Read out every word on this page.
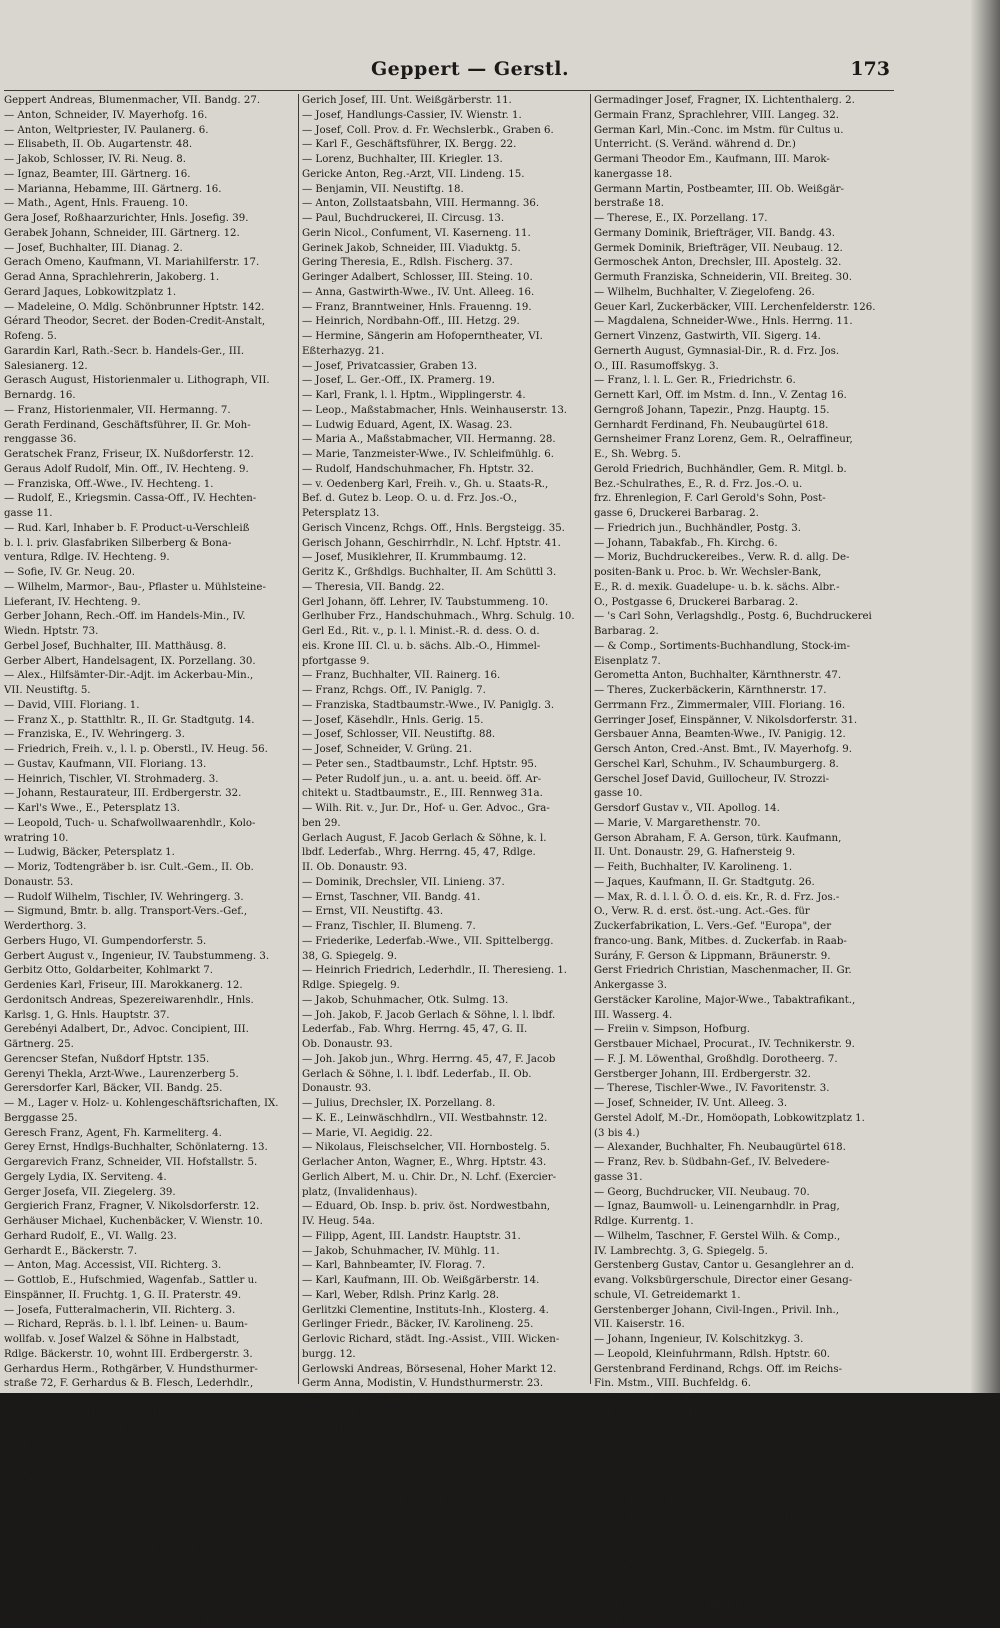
Geppert — Gerstl.	173
Geppert Andreas, Blumenmacher, VII. Bandg. 27.
— Anton, Schneider, IV. Mayerhofg. 16.
— Anton, Weltpriester, IV. Paulanerg. 6.
— Elisabeth, II. Ob. Augartenstr. 48.
— Jakob, Schlosser, IV. Ri. Neug. 8.
— Ignaz, Beamter, III. Gärtnerg. 16.
— Marianna, Hebamme, III. Gärtnerg. 16.
— Math., Agent, Hnls. Fraueng. 10.
Gera Josef, Roßhaarzurichter, Hnls. Josefig. 39.
Gerabek Johann, Schneider, III. Gärtnerg. 12.
— Josef, Buchhalter, III. Dianag. 2.
Gerach Omeno, Kaufmann, VI. Mariahilferstr. 17.
Gerad Anna, Sprachlehrerin, Jakoberg. 1.
Gerard Jaques, Lobkowitzplatz 1.
— Madeleine, O. Mdlg. Schönbrunner Hptstr. 142.
Gérard Theodor, Secret. der Boden-Credit-Anstalt,
Rofeng. 5.
Garardin Karl, Rath.-Secr. b. Handels-Ger., III.
Salesianerg. 12.
Gerasch August, Historienmaler u. Lithograph, VII.
Bernardg. 16.
— Franz, Historienmaler, VII. Hermanng. 7.
Gerath Ferdinand, Geschäftsführer, II. Gr. Moh-
renggasse 36.
Geratschek Franz, Friseur, IX. Nußdorferstr. 12.
Geraus Adolf Rudolf, Min. Off., IV. Hechteng. 9.
— Franziska, Off.-Wwe., IV. Hechteng. 1.
— Rudolf, E., Kriegsmin. Cassa-Off., IV. Hechten-
gasse 11.
— Rud. Karl, Inhaber b. F. Product-u-Verschleiß
b. l. l. priv. Glasfabriken Silberberg & Bona-
ventura, Rdlge. IV. Hechteng. 9.
— Sofie, IV. Gr. Neug. 20.
— Wilhelm, Marmor-, Bau-, Pflaster u. Mühlsteine-
Lieferant, IV. Hechteng. 9.
Gerber Johann, Rech.-Off. im Handels-Min., IV.
Wiedn. Hptstr. 73.
Gerbel Josef, Buchhalter, III. Matthäusg. 8.
Gerber Albert, Handelsagent, IX. Porzellang. 30.
— Alex., Hilfsämter-Dir.-Adjt. im Ackerbau-Min.,
VII. Neustiftg. 5.
— David, VIII. Floriang. 1.
— Franz X., p. Statthltr. R., II. Gr. Stadtgutg. 14.
— Franziska, E., IV. Wehringerg. 3.
— Friedrich, Freih. v., l. l. p. Oberstl., IV. Heug. 56.
— Gustav, Kaufmann, VII. Floriang. 13.
— Heinrich, Tischler, VI. Strohmaderg. 3.
— Johann, Restaurateur, III. Erdbergerstr. 32.
— Karl's Wwe., E., Petersplatz 13.
— Leopold, Tuch- u. Schafwollwaarenhdlr., Kolo-
wratring 10.
— Ludwig, Bäcker, Petersplatz 1.
— Moriz, Todtengräber b. isr. Cult.-Gem., II. Ob.
Donaustr. 53.
— Rudolf Wilhelm, Tischler, IV. Wehringerg. 3.
— Sigmund, Bmtr. b. allg. Transport-Vers.-Gef.,
Werderthorg. 3.
Gerbers Hugo, VI. Gumpendorferstr. 5.
Gerbert August v., Ingenieur, IV. Taubstummeng. 3.
Gerbitz Otto, Goldarbeiter, Kohlmarkt 7.
Gerdenies Karl, Friseur, III. Marokkanerg. 12.
Gerdonitsch Andreas, Spezereiwarenhdlr., Hnls.
Karlsg. 1, G. Hnls. Hauptstr. 37.
Gerebényi Adalbert, Dr., Advoc. Concipient, III.
Gärtnerg. 25.
Gerencser Stefan, Nußdorf Hptstr. 135.
Gerenyi Thekla, Arzt-Wwe., Laurenzerberg 5.
Gerersdorfer Karl, Bäcker, VII. Bandg. 25.
— M., Lager v. Holz- u. Kohlengeschäftsrichaften, IX.
Berggasse 25.
Geresch Franz, Agent, Fh. Karmeliterg. 4.
Gerey Ernst, Hndlgs-Buchhalter, Schönlaterng. 13.
Gergarevich Franz, Schneider, VII. Hofstallstr. 5.
Gergely Lydia, IX. Serviteng. 4.
Gerger Josefa, VII. Ziegelerg. 39.
Gergierich Franz, Fragner, V. Nikolsdorferstr. 12.
Gerhäuser Michael, Kuchenbäcker, V. Wienstr. 10.
Gerhard Rudolf, E., VI. Wallg. 23.
Gerhardt E., Bäckerstr. 7.
— Anton, Mag. Accessist, VII. Richterg. 3.
— Gottlob, E., Hufschmied, Wagenfab., Sattler u.
Einspänner, II. Fruchtg. 1, G. II. Praterstr. 49.
— Josefa, Futteralmacherin, VII. Richterg. 3.
— Richard, Repräs. b. l. l. lbf. Leinen- u. Baum-
wollfab. v. Josef Walzel & Söhne in Halbstadt,
Rdlge. Bäckerstr. 10, wohnt III. Erdbergerstr. 3.
Gerhardus Herm., Rothgärber, V. Hundsthurmer-
straße 72, F. Gerhardus & B. Flesch, Lederhdlr.,
Franz-Josefs-Quai 23.
Gerhart Anton, Maler, VI. Corneliusg. 1.
— Franz, Damenschneider, Himmelpfortg. 3.
— Heinrich, Steindrucker u. Bilderhdlr., Gem. R.,
E., V. Grüng. 32, Bestellungsort Seizerg. 6.
— Henriette, Leinwäschhdlg., Wildpretmarkt 5.
— Josefine, Kleidermacherin, Graben 29.
Gerhauser Andreas, p. l. l. Oberstl. IV. Ob. Alleeg. 14.
Gerhold Franz, Milchmeier u. Holzhdlr., E., Fh. 613.
— Franz sen., Milchmeier, VI. Stiegeng. 11.
— Franz, Clavierstimmer, V. Krong. 16.
— Gottlieb, VII. Mariahilferstr. 114.
— Johann, Tischler, IV. Reisnerg. 17.
— Karl, Schuhmacher, III. Neulingg. 3.
Gerhold Franz, Agent, Fh. Karmeliterg. 4.
— Johann Josef, Silberarbeiter, VII. Neustiftg. 17.
Gerich Josef, III. Unt. Weißgärberstr. 11.
— Josef, Handlungs-Cassier, IV. Wienstr. 1.
— Josef, Coll. Prov. d. Fr. Wechslerbk., Graben 6.
— Karl F., Geschäftsführer, IX. Bergg. 22.
— Lorenz, Buchhalter, III. Kriegler. 13.
Gericke Anton, Reg.-Arzt, VII. Lindeng. 15.
— Benjamin, VII. Neustiftg. 18.
— Anton, Zollstaatsbahn, VIII. Hermanng. 36.
— Paul, Buchdruckerei, II. Circusg. 13.
Gerin Nicol., Confument, VI. Kaserneng. 11.
Gerinek Jakob, Schneider, III. Viaduktg. 5.
Gering Theresia, E., Rdlsh. Fischerg. 37.
Geringer Adalbert, Schlosser, III. Steing. 10.
— Anna, Gastwirth-Wwe., IV. Unt. Alleeg. 16.
— Franz, Branntweiner, Hnls. Frauenng. 19.
— Heinrich, Nordbahn-Off., III. Hetzg. 29.
— Hermine, Sängerin am Hofoperntheater, VI.
Eßterhazyg. 21.
— Josef, Privatcassier, Graben 13.
— Josef, L. Ger.-Off., IX. Pramerg. 19.
— Karl, Frank, l. l. Hptm., Wipplingerstr. 4.
— Leop., Maßstabmacher, Hnls. Weinhauserstr. 13.
— Ludwig Eduard, Agent, IX. Wasag. 23.
— Maria A., Maßstabmacher, VII. Hermanng. 28.
— Marie, Tanzmeister-Wwe., IV. Schleifmühlg. 6.
— Rudolf, Handschuhmacher, Fh. Hptstr. 32.
— v. Oedenberg Karl, Freih. v., Gh. u. Staats-R.,
Bef. d. Gutez b. Leop. O. u. d. Frz. Jos.-O.,
Petersplatz 13.
Gerisch Vincenz, Rchgs. Off., Hnls. Bergsteigg. 35.
Gerisch Johann, Geschirrhdlr., N. Lchf. Hptstr. 41.
— Josef, Musiklehrer, II. Krummbaumg. 12.
Geritz K., Grßhdlgs. Buchhalter, II. Am Schüttl 3.
— Theresia, VII. Bandg. 22.
Gerl Johann, öff. Lehrer, IV. Taubstummeng. 10.
Gerlhuber Frz., Handschuhmach., Whrg. Schulg. 10.
Gerl Ed., Rit. v., p. l. l. Minist.-R. d. dess. O. d.
eis. Krone III. Cl. u. b. sächs. Alb.-O., Himmel-
pfortgasse 9.
— Franz, Buchhalter, VII. Rainerg. 16.
— Franz, Rchgs. Off., IV. Paniglg. 7.
— Franziska, Stadtbaumstr.-Wwe., IV. Paniglg. 3.
— Josef, Käsehdlr., Hnls. Gerig. 15.
— Josef, Schlosser, VII. Neustiftg. 88.
— Josef, Schneider, V. Grüng. 21.
— Peter sen., Stadtbaumstr., Lchf. Hptstr. 95.
— Peter Rudolf jun., u. a. ant. u. beeid. öff. Ar-
chitekt u. Stadtbaumstr., E., III. Rennweg 31a.
— Wilh. Rit. v., Jur. Dr., Hof- u. Ger. Advoc., Gra-
ben 29.
Gerlach August, F. Jacob Gerlach & Söhne, k. l.
lbdf. Lederfab., Whrg. Herrng. 45, 47, Rdlge.
II. Ob. Donaustr. 93.
— Dominik, Drechsler, VII. Linieng. 37.
— Ernst, Taschner, VII. Bandg. 41.
— Ernst, VII. Neustiftg. 43.
— Franz, Tischler, II. Blumeng. 7.
— Friederike, Lederfab.-Wwe., VII. Spittelbergg.
38, G. Spiegelg. 9.
— Heinrich Friedrich, Lederhdlr., II. Theresieng. 1.
Rdlge. Spiegelg. 9.
— Jakob, Schuhmacher, Otk. Sulmg. 13.
— Joh. Jakob, F. Jacob Gerlach & Söhne, l. l. lbdf.
Lederfab., Fab. Whrg. Herrng. 45, 47, G. II.
Ob. Donaustr. 93.
— Joh. Jakob jun., Whrg. Herrng. 45, 47, F. Jacob
Gerlach & Söhne, l. l. lbdf. Lederfab., II. Ob.
Donaustr. 93.
— Julius, Drechsler, IX. Porzellang. 8.
— K. E., Leinwäschhdlrn., VII. Westbahnstr. 12.
— Marie, VI. Aegidig. 22.
— Nikolaus, Fleischselcher, VII. Hornbostelg. 5.
Gerlacher Anton, Wagner, E., Whrg. Hptstr. 43.
Gerlich Albert, M. u. Chir. Dr., N. Lchf. (Exercier-
platz, (Invalidenhaus).
— Eduard, Ob. Insp. b. priv. öst. Nordwestbahn,
IV. Heug. 54a.
— Filipp, Agent, III. Landstr. Hauptstr. 31.
— Jakob, Schuhmacher, IV. Mühlg. 11.
— Karl, Bahnbeamter, IV. Florag. 7.
— Karl, Kaufmann, III. Ob. Weißgärberstr. 14.
— Karl, Weber, Rdlsh. Prinz Karlg. 28.
Gerlitzki Clementine, Instituts-Inh., Klosterg. 4.
Gerlinger Friedr., Bäcker, IV. Karolineng. 25.
Gerlovic Richard, städt. Ing.-Assist., VIII. Wicken-
burgg. 12.
Gerlowski Andreas, Börsesenal, Hoher Markt 12.
Germ Anna, Modistin, V. Hundsthurmerstr. 23.
— Barbara, E., VIII. Piaristeng. 27.
— Ernst, Buchhalter, VI. Stumperg. 16.
— Ferdinand, Milchmeier, III. Rennweg 72.
— Franz, Agent, Hnls. Rosenthalg. 16.
— Franz Josef, Fleischselcher, E., VIII. Piaristen-
gasse 27, Bank Neustiftg. 57.
— Franz, Polizei-Off., VI. Hirscheng. 15.
— Franz, Tischler, IV. Columbusg. 8.
— Ignaz, F. l. Polizei-Ober-Commiss. u. Bezirks-
leiter, VIII. Whlg. Gauptstr. 13.
— Johann, Milchmeier, II. Glockeng. 3.
— Magdalena, IX. Brünnlg. 4.
Germadinger Franz, Fragner, IX. Salzerg. 9.
Germadinger Josef, Fragner, IX. Lichtenthalerg. 2.
Germain Franz, Sprachlehrer, VIII. Langeg. 32.
German Karl, Min.-Conc. im Mstm. für Cultus u.
Unterricht. (S. Veränd. während d. Dr.)
Germani Theodor Em., Kaufmann, III. Marok-
kanergasse 18.
Germann Martin, Postbeamter, III. Ob. Weißgär-
berstraße 18.
— Therese, E., IX. Porzellang. 17.
Germany Dominik, Briefträger, VII. Bandg. 43.
Germek Dominik, Briefträger, VII. Neubaug. 12.
Germoschek Anton, Drechsler, III. Apostelg. 32.
Germuth Franziska, Schneiderin, VII. Breiteg. 30.
— Wilhelm, Buchhalter, V. Ziegelofeng. 26.
Geuer Karl, Zuckerbäcker, VIII. Lerchenfelderstr. 126.
— Magdalena, Schneider-Wwe., Hnls. Herrng. 11.
Gernert Vinzenz, Gastwirth, VII. Sigerg. 14.
Gernerth August, Gymnasial-Dir., R. d. Frz. Jos.
O., III. Rasumoffskyg. 3.
— Franz, l. l. L. Ger. R., Friedrichstr. 6.
Gernett Karl, Off. im Mstm. d. Inn., V. Zentag 16.
Gerngroß Johann, Tapezir., Pnzg. Hauptg. 15.
Gernhardt Ferdinand, Fh. Neubaugürtel 618.
Gernsheimer Franz Lorenz, Gem. R., Oelraffineur,
E., Sh. Webrg. 5.
Gerold Friedrich, Buchhändler, Gem. R. Mitgl. b.
Bez.-Schulrathes, E., R. d. Frz. Jos.-O. u.
frz. Ehrenlegion, F. Carl Gerold's Sohn, Post-
gasse 6, Druckerei Barbarag. 2.
— Friedrich jun., Buchhändler, Postg. 3.
— Johann, Tabakfab., Fh. Kirchg. 6.
— Moriz, Buchdruckereibes., Verw. R. d. allg. De-
positen-Bank u. Proc. b. Wr. Wechsler-Bank,
E., R. d. mexik. Guadelupe- u. b. k. sächs. Albr.-
O., Postgasse 6, Druckerei Barbarag. 2.
— 's Carl Sohn, Verlagshdlg., Postg. 6, Buchdruckerei
Barbarag. 2.
— & Comp., Sortiments-Buchhandlung, Stock-im-
Eisenplatz 7.
Gerometta Anton, Buchhalter, Kärnthnerstr. 47.
— Theres, Zuckerbäckerin, Kärnthnerstr. 17.
Gerrmann Frz., Zimmermaler, VIII. Floriang. 16.
Gerringer Josef, Einspänner, V. Nikolsdorferstr. 31.
Gersbauer Anna, Beamten-Wwe., IV. Panigig. 12.
Gersch Anton, Cred.-Anst. Bmt., IV. Mayerhofg. 9.
Gerschel Karl, Schuhm., IV. Schaumburgerg. 8.
Gerschel Josef David, Guillocheur, IV. Strozzi-
gasse 10.
Gersdorf Gustav v., VII. Apollog. 14.
— Marie, V. Margarethenstr. 70.
Gerson Abraham, F. A. Gerson, türk. Kaufmann,
II. Unt. Donaustr. 29, G. Hafnersteig 9.
— Feith, Buchhalter, IV. Karolineng. 1.
— Jaques, Kaufmann, II. Gr. Stadtgutg. 26.
— Max, R. d. l. l. Ö. O. d. eis. Kr., R. d. Frz. Jos.-
O., Verw. R. d. erst. öst.-ung. Act.-Ges. für
Zuckerfabrikation, L. Vers.-Gef. "Europa", der
franco-ung. Bank, Mitbes. d. Zuckerfab. in Raab-
Surány, F. Gerson & Lippmann, Bräunerstr. 9.
Gerst Friedrich Christian, Maschenmacher, II. Gr.
Ankergasse 3.
Gerstäcker Karoline, Major-Wwe., Tabaktrafikant.,
III. Wasserg. 4.
— Freiin v. Simpson, Hofburg.
Gerstbauer Michael, Procurat., IV. Technikerstr. 9.
— F. J. M. Löwenthal, Großhdlg. Dorotheerg. 7.
Gerstberger Johann, III. Erdbergerstr. 32.
— Therese, Tischler-Wwe., IV. Favoritenstr. 3.
— Josef, Schneider, IV. Unt. Alleeg. 3.
Gerstel Adolf, M.-Dr., Homöopath, Lobkowitzplatz 1.
(3 bis 4.)
— Alexander, Buchhalter, Fh. Neubaugürtel 618.
— Franz, Rev. b. Südbahn-Gef., IV. Belvedere-
gasse 31.
— Georg, Buchdrucker, VII. Neubaug. 70.
— Ignaz, Baumwoll- u. Leinengarnhdlr. in Prag,
Rdlge. Kurrentg. 1.
— Wilhelm, Taschner, F. Gerstel Wilh. & Comp.,
IV. Lambrechtg. 3, G. Spiegelg. 5.
Gerstenberg Gustav, Cantor u. Gesanglehrer an d.
evang. Volksbürgerschule, Director einer Gesang-
schule, VI. Getreidemarkt 1.
Gerstenberger Johann, Civil-Ingen., Privil. Inh.,
VII. Kaiserstr. 16.
— Johann, Ingenieur, IV. Kolschitzkyg. 3.
— Leopold, Kleinfuhrmann, Rdlsh. Hptstr. 60.
Gerstenbrand Ferdinand, Rchgs. Off. im Reichs-
Fin. Mstm., VIII. Buchfeldg. 6.
— Johann, E., III. Hühnerg. 4.
— Karl, Gemhdlr., III. Rennweg 55.
— Rudolf, Gastwirth, Augustinerstr. 8.
Gerstenbrandt Bened., p. Mil. Verpfl. Oberverw.,
IV. Waagg. 1.
— Camillo, Insp. Cmsr. b. Gen. Insp. d. öst. Eisen-
bahnen, V. Margarethenstr. 67.
Gerstenegger Lorenz, V. Wienstr. 11.
Gerstenhengst Jos., Ger.-Off., Hnls. Mitterbergg. 835.
— Ludwig, Dir. Bmt. b. Donau Dampfschifffahrt-
Gesell., Graben 29.
Gerstenhöfer Franz, IV. Mühlg. 5.
Gerstl Albert E., Gummihdlr., Gesch. Inh., II. Ob.
Donaustr. 31, G. Bäckerstr. 4.
— Albert, Buchhalter, III. Erdbergerstr. 19.
— Albert, Geschäftsagent, IX. Alserstr. 34.
